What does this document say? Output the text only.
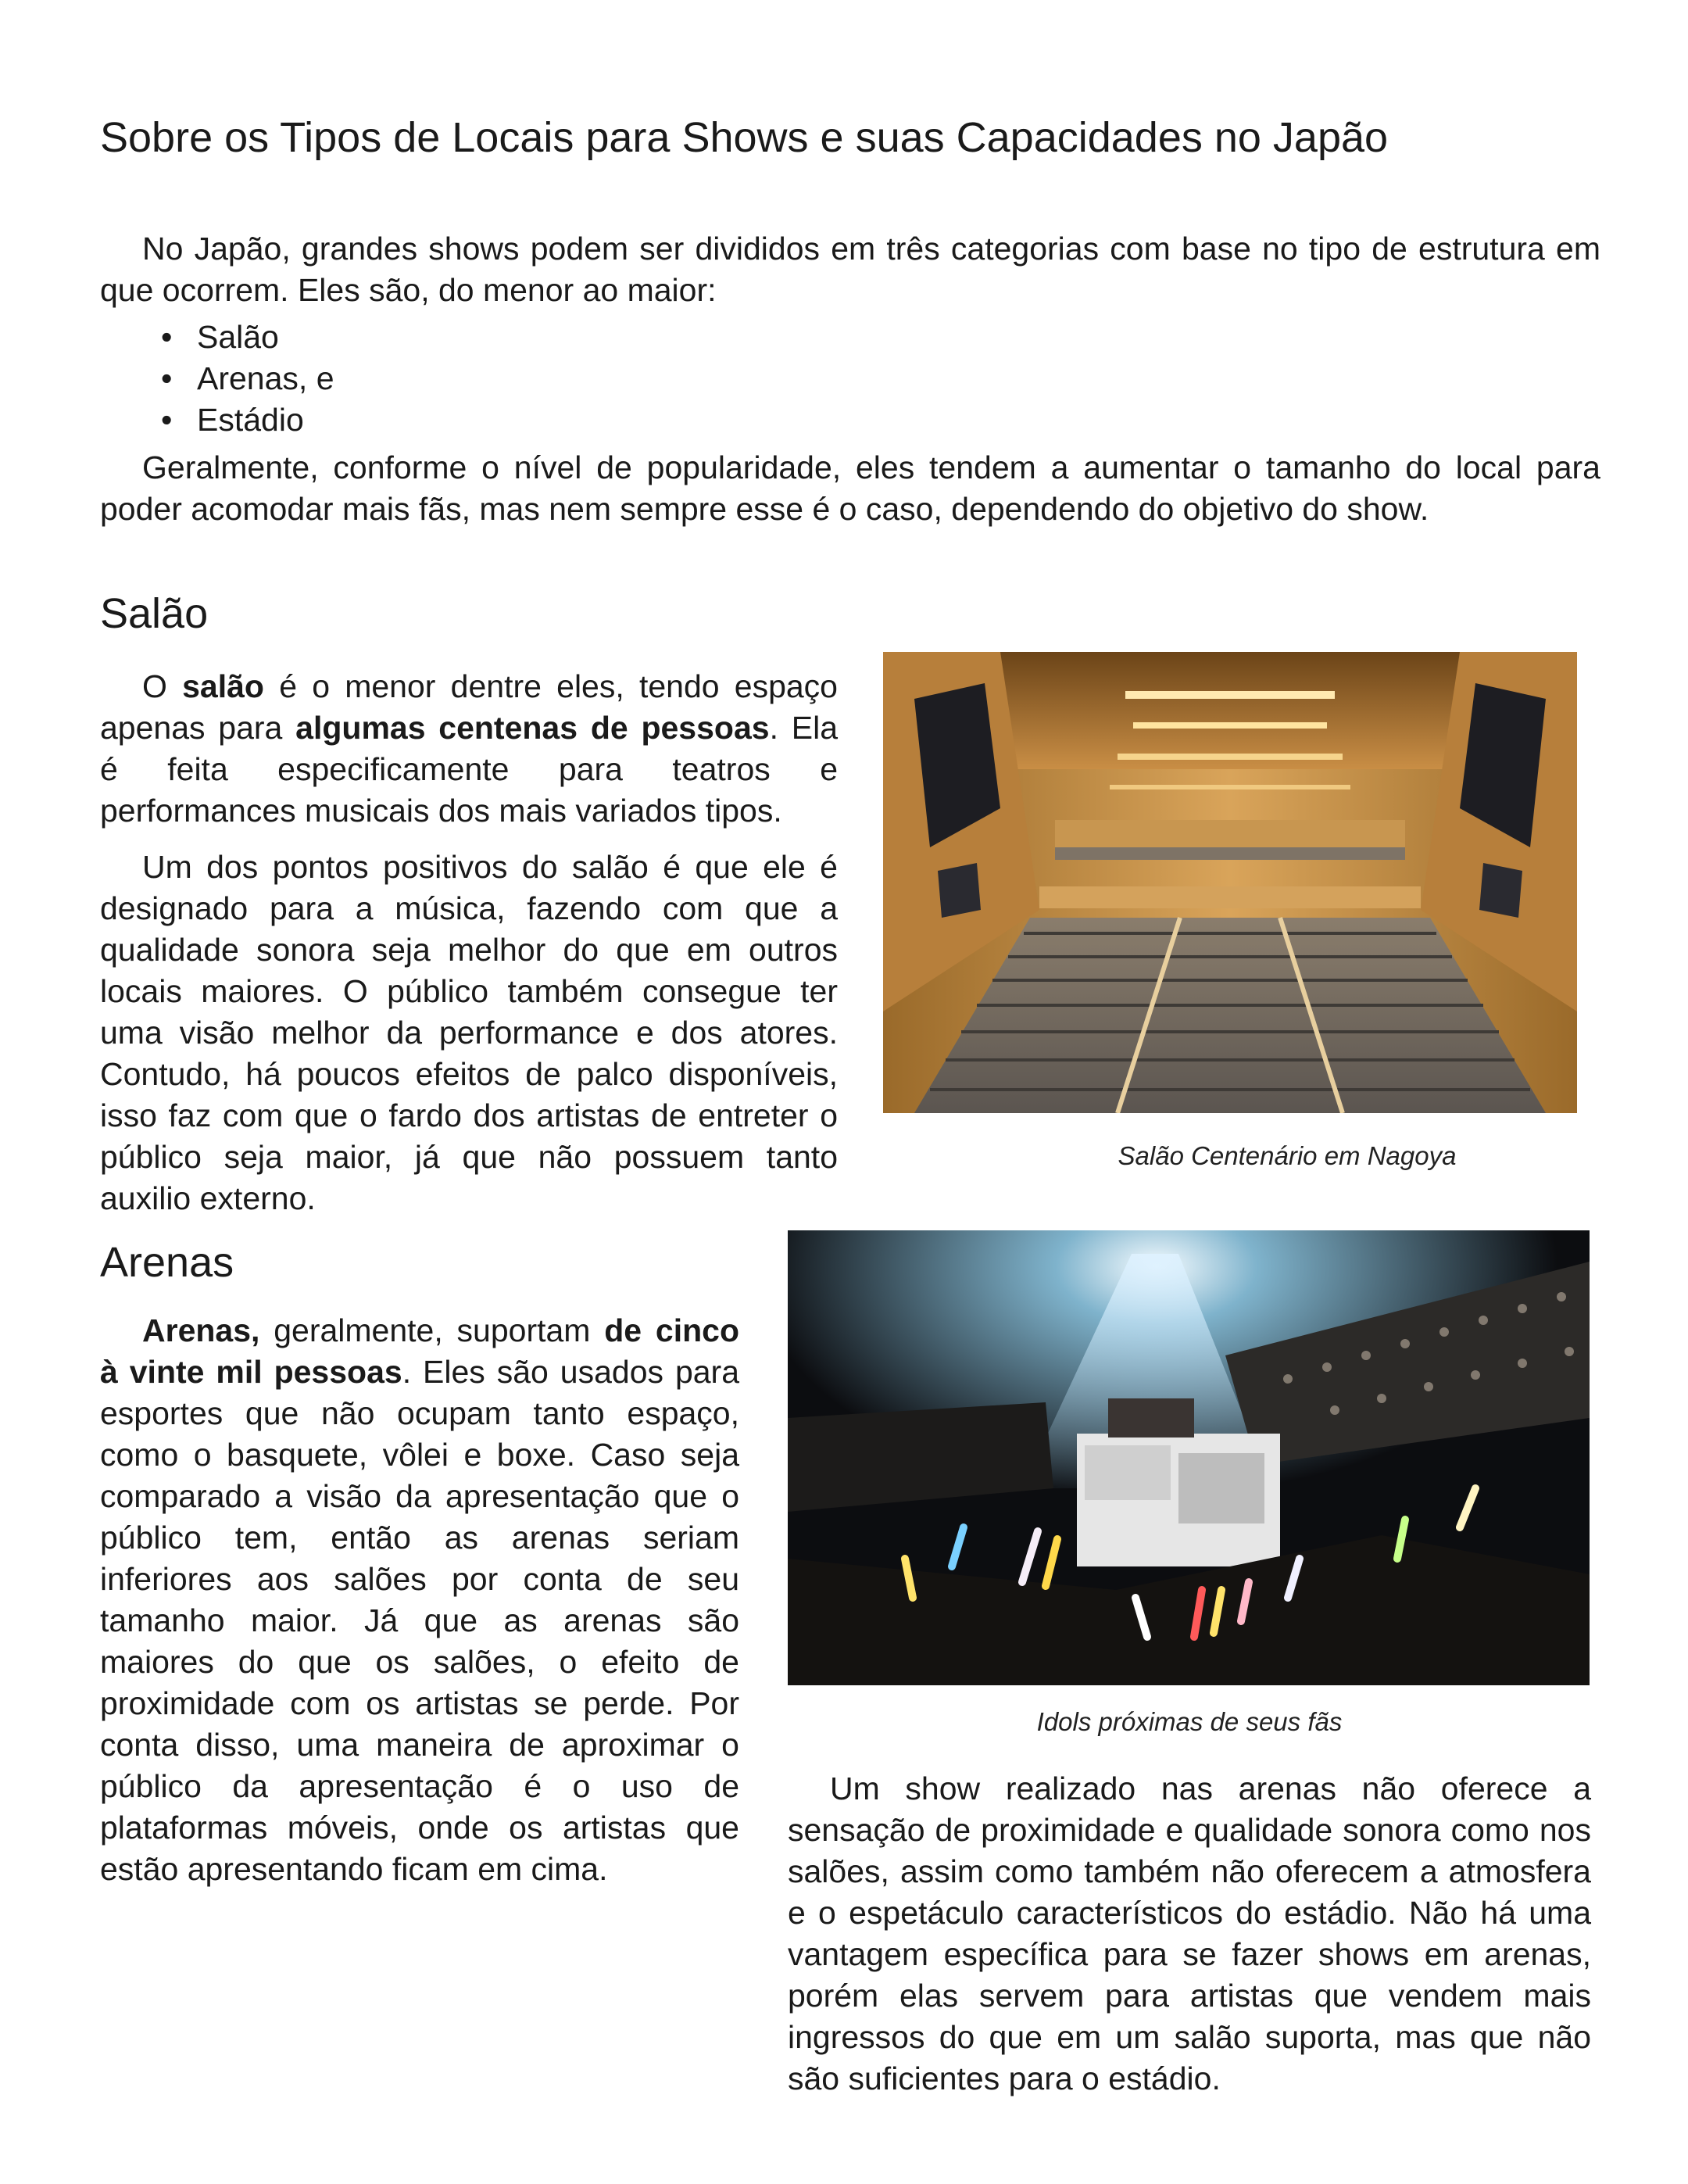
Sobre os Tipos de Locais para Shows e suas Capacidades no Japão

No Japão, grandes shows podem ser divididos em três categorias com base no tipo de estrutura em que ocorrem. Eles são, do menor ao maior:

• Salão
• Arenas, e
• Estádio

Geralmente, conforme o nível de popularidade, eles tendem a aumentar o tamanho do local para poder acomodar mais fãs, mas nem sempre esse é o caso, dependendo do objetivo do show.

Salão

O salão é o menor dentre eles, tendo espaço apenas para algumas centenas de pessoas. Ela é feita especificamente para teatros e performances musicais dos mais variados tipos.

Um dos pontos positivos do salão é que ele é designado para a música, fazendo com que a qualidade sonora seja melhor do que em outros locais maiores. O público também consegue ter uma visão melhor da performance e dos atores. Contudo, há poucos efeitos de palco disponíveis, isso faz com que o fardo dos artistas de entreter o público seja maior, já que não possuem tanto auxilio externo.

Salão Centenário em Nagoya
Arenas

Arenas, geralmente, suportam de cinco à vinte mil pessoas. Eles são usados para esportes que não ocupam tanto espaço, como o basquete, vôlei e boxe. Caso seja comparado a visão da apresentação que o público tem, então as arenas seriam inferiores aos salões por conta de seu tamanho maior. Já que as arenas são maiores do que os salões, o efeito de proximidade com os artistas se perde. Por conta disso, uma maneira de aproximar o público da apresentação é o uso de plataformas móveis, onde os artistas que estão apresentando ficam em cima.

Idols próximas de seus fãs

Um show realizado nas arenas não oferece a sensação de proximidade e qualidade sonora como nos salões, assim como também não oferecem a atmosfera e o espetáculo característicos do estádio. Não há uma vantagem específica para se fazer shows em arenas, porém elas servem para artistas que vendem mais ingressos do que em um salão suporta, mas que não são suficientes para o estádio.
